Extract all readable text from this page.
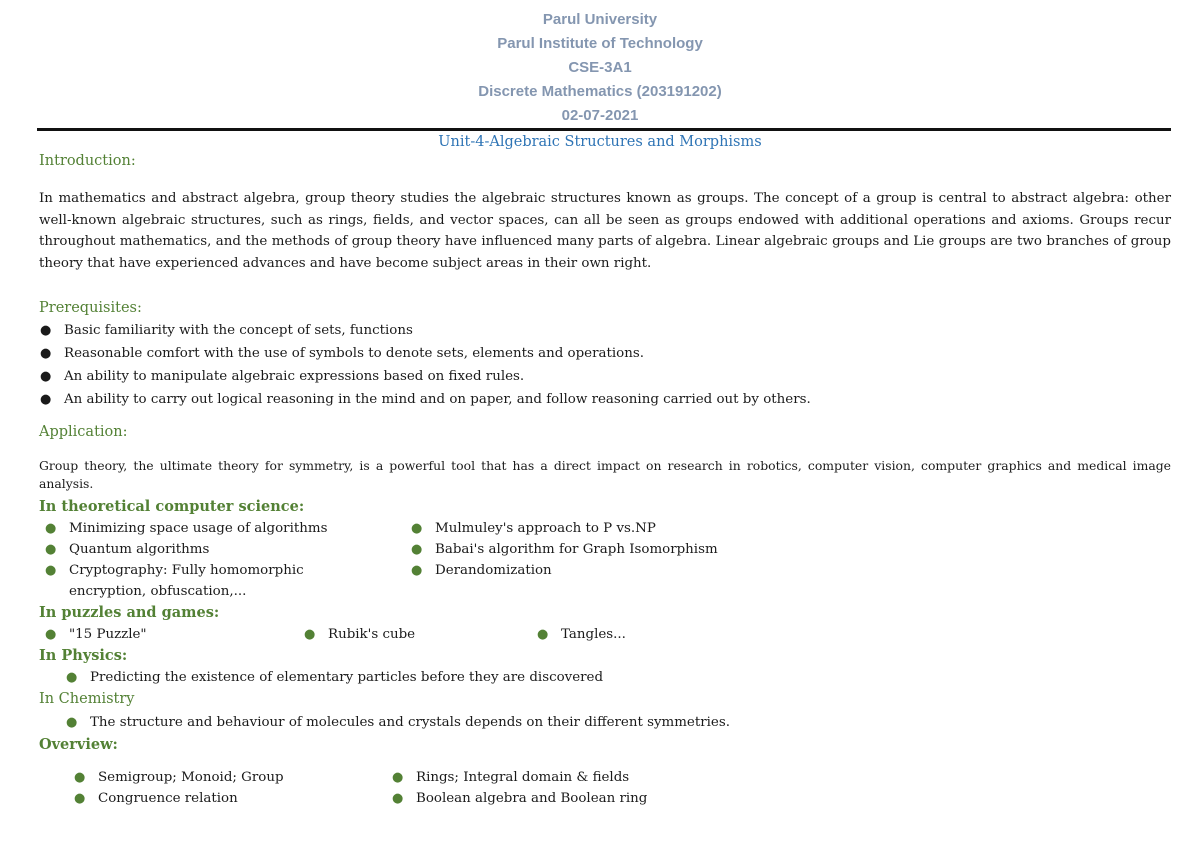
Parul University
Parul Institute of Technology
CSE-3A1
Discrete Mathematics (203191202)
02-07-2021
Unit-4-Algebraic Structures and Morphisms
Introduction:
In mathematics and abstract algebra, group theory studies the algebraic structures known as groups. The concept of a group is central to abstract algebra: other well-known algebraic structures, such as rings, fields, and vector spaces, can all be seen as groups endowed with additional operations and axioms. Groups recur throughout mathematics, and the methods of group theory have influenced many parts of algebra. Linear algebraic groups and Lie groups are two branches of group theory that have experienced advances and have become subject areas in their own right.
Prerequisites:
● Basic familiarity with the concept of sets, functions
● Reasonable comfort with the use of symbols to denote sets, elements and operations.
● An ability to manipulate algebraic expressions based on fixed rules.
● An ability to carry out logical reasoning in the mind and on paper, and follow reasoning carried out by others.
Application:
Group theory, the ultimate theory for symmetry, is a powerful tool that has a direct impact on research in robotics, computer vision, computer graphics and medical image analysis.
In theoretical computer science:
● Minimizing space usage of algorithms
● Quantum algorithms
● Cryptography: Fully homomorphic
encryption, obfuscation,...
● Mulmuley's approach to P vs.NP
● Babai's algorithm for Graph Isomorphism
● Derandomization
In puzzles and games:
● "15 Puzzle"	● Rubik's cube	● Tangles...
In Physics:
● Predicting the existence of elementary particles before they are discovered
In Chemistry
● The structure and behaviour of molecules and crystals depends on their different symmetries.
Overview:
● Semigroup; Monoid; Group
● Congruence relation
● Rings; Integral domain & fields
● Boolean algebra and Boolean ring
